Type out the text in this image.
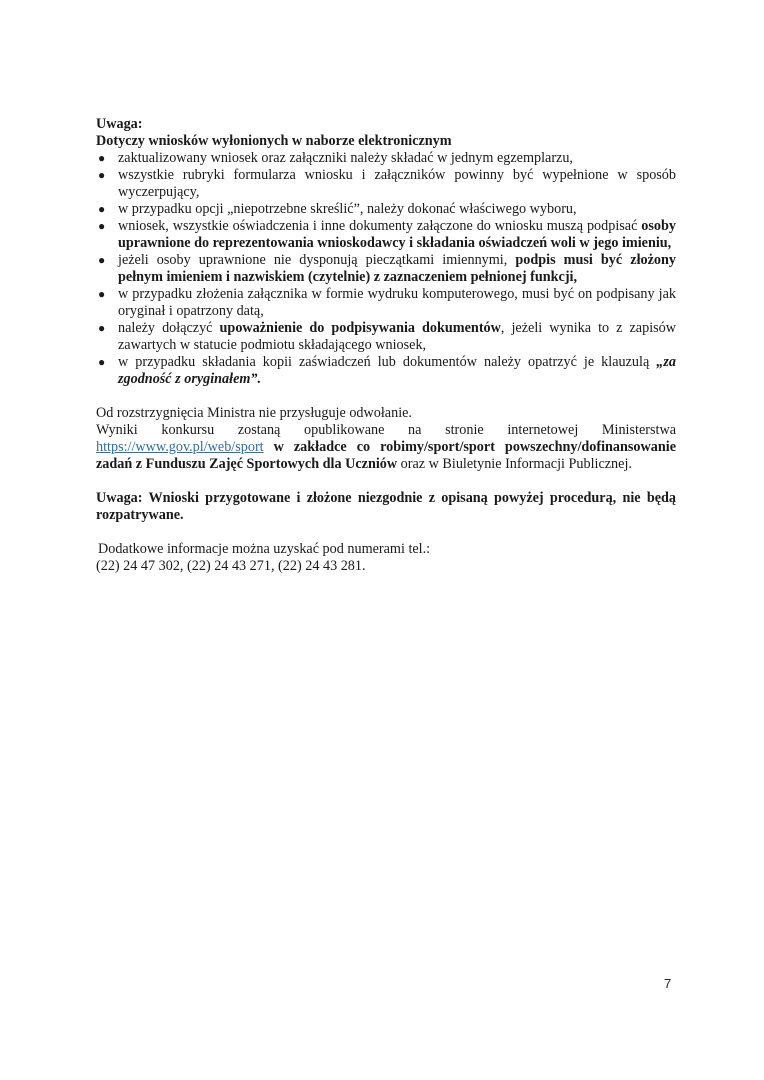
Uwaga:

Dotyczy wniosków wyłonionych w naborze elektronicznym

● zaktualizowany wniosek oraz załączniki należy składać w jednym egzemplarzu,
● wszystkie rubryki formularza wniosku i załączników powinny być wypełnione w sposób wyczerpujący,
● w przypadku opcji „niepotrzebne skreślić”, należy dokonać właściwego wyboru,
● wniosek, wszystkie oświadczenia i inne dokumenty załączone do wniosku muszą podpisać osoby uprawnione do reprezentowania wnioskodawcy i składania oświadczeń woli w jego imieniu,
● jeżeli osoby uprawnione nie dysponują pieczątkami imiennymi, podpis musi być złożony pełnym imieniem i nazwiskiem (czytelnie) z zaznaczeniem pełnionej funkcji,
● w przypadku złożenia załącznika w formie wydruku komputerowego, musi być on podpisany jak oryginał i opatrzony datą,
● należy dołączyć upoważnienie do podpisywania dokumentów, jeżeli wynika to z zapisów zawartych w statucie podmiotu składającego wniosek,
● w przypadku składania kopii zaświadczeń lub dokumentów należy opatrzyć je klauzulą „za zgodność z oryginałem”.

Od rozstrzygnięcia Ministra nie przysługuje odwołanie.

Wyniki konkursu zostaną opublikowane na stronie internetowej Ministerstwa https://www.gov.pl/web/sport w zakładce co robimy/sport/sport powszechny/dofinansowanie zadań z Funduszu Zajęć Sportowych dla Uczniów oraz w Biuletynie Informacji Publicznej.

Uwaga: Wnioski przygotowane i złożone niezgodnie z opisaną powyżej procedurą, nie będą rozpatrywane.

Dodatkowe informacje można uzyskać pod numerami tel.:

(22) 24 47 302, (22) 24 43 271, (22) 24 43 281.

7
